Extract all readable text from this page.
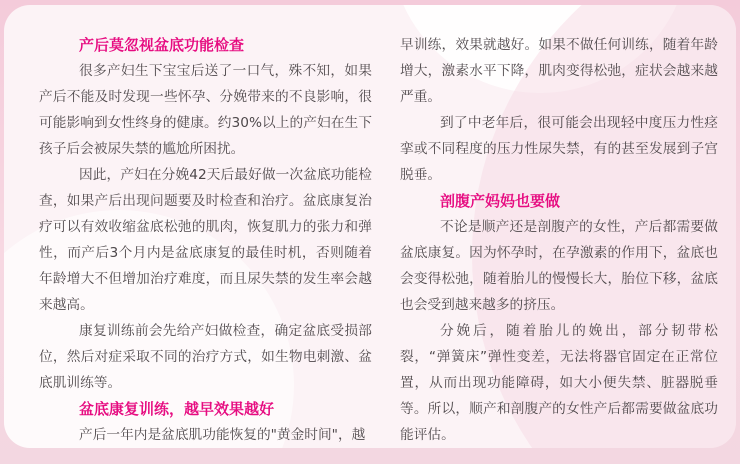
产后莫忽视盆底功能检查

很多产妇生下宝宝后送了一口气，殊不知，如果产后不能及时发现一些怀孕、分娩带来的不良影响，很可能影响到女性终身的健康。约30%以上的产妇在生下孩子后会被尿失禁的尴尬所困扰。

因此，产妇在分娩42天后最好做一次盆底功能检查，如果产后出现问题要及时检查和治疗。盆底康复治疗可以有效收缩盆底松弛的肌肉，恢复肌力的张力和弹性，而产后3个月内是盆底康复的最佳时机，否则随着年龄增大不但增加治疗难度，而且尿失禁的发生率会越来越高。

康复训练前会先给产妇做检查，确定盆底受损部位，然后对症采取不同的治疗方式，如生物电刺激、盆底肌训练等。

盆底康复训练，越早效果越好

产后一年内是盆底肌功能恢复的"黄金时间"，越

早训练，效果就越好。如果不做任何训练，随着年龄增大，激素水平下降，肌肉变得松弛，症状会越来越严重。

到了中老年后，很可能会出现轻中度压力性痉挛或不同程度的压力性尿失禁，有的甚至发展到子宫脱垂。

剖腹产妈妈也要做

不论是顺产还是剖腹产的女性，产后都需要做盆底康复。因为怀孕时，在孕激素的作用下，盆底也会变得松弛，随着胎儿的慢慢长大，胎位下移，盆底也会受到越来越多的挤压。

分娩后，随着胎儿的娩出，部分韧带松裂，“弹簧床”弹性变差，无法将器官固定在正常位置，从而出现功能障碍，如大小便失禁、脏器脱垂等。所以，顺产和剖腹产的女性产后都需要做盆底功能评估。
